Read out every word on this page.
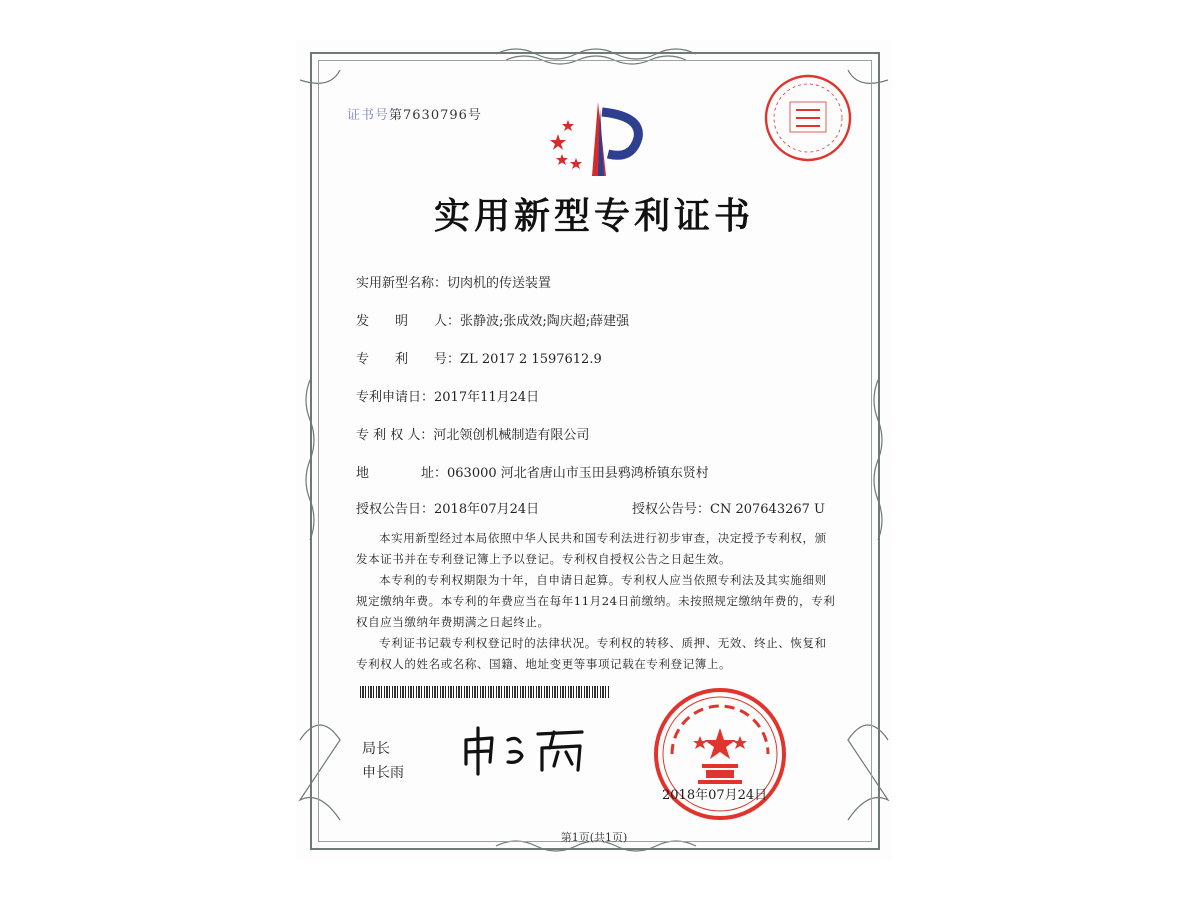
证书号第7630796号
实用新型专利证书
实用新型名称：切肉机的传送装置
发　　明　　人：张静波;张成效;陶庆超;薛建强
专　　利　　号：ZL 2017 2 1597612.9
专利申请日：2017年11月24日
专 利 权 人：河北领创机械制造有限公司
地　　　　址：063000 河北省唐山市玉田县鸦鸿桥镇东贤村
授权公告日：2018年07月24日	授权公告号：CN 207643267 U
本实用新型经过本局依照中华人民共和国专利法进行初步审查，决定授予专利权，颁发本证书并在专利登记簿上予以登记。专利权自授权公告之日起生效。
本专利的专利权期限为十年，自申请日起算。专利权人应当依照专利法及其实施细则规定缴纳年费。本专利的年费应当在每年11月24日前缴纳。未按照规定缴纳年费的，专利权自应当缴纳年费期满之日起终止。
专利证书记载专利权登记时的法律状况。专利权的转移、质押、无效、终止、恢复和专利权人的姓名或名称、国籍、地址变更等事项记载在专利登记簿上。
局长
申长雨
2018年07月24日
第1页(共1页)
